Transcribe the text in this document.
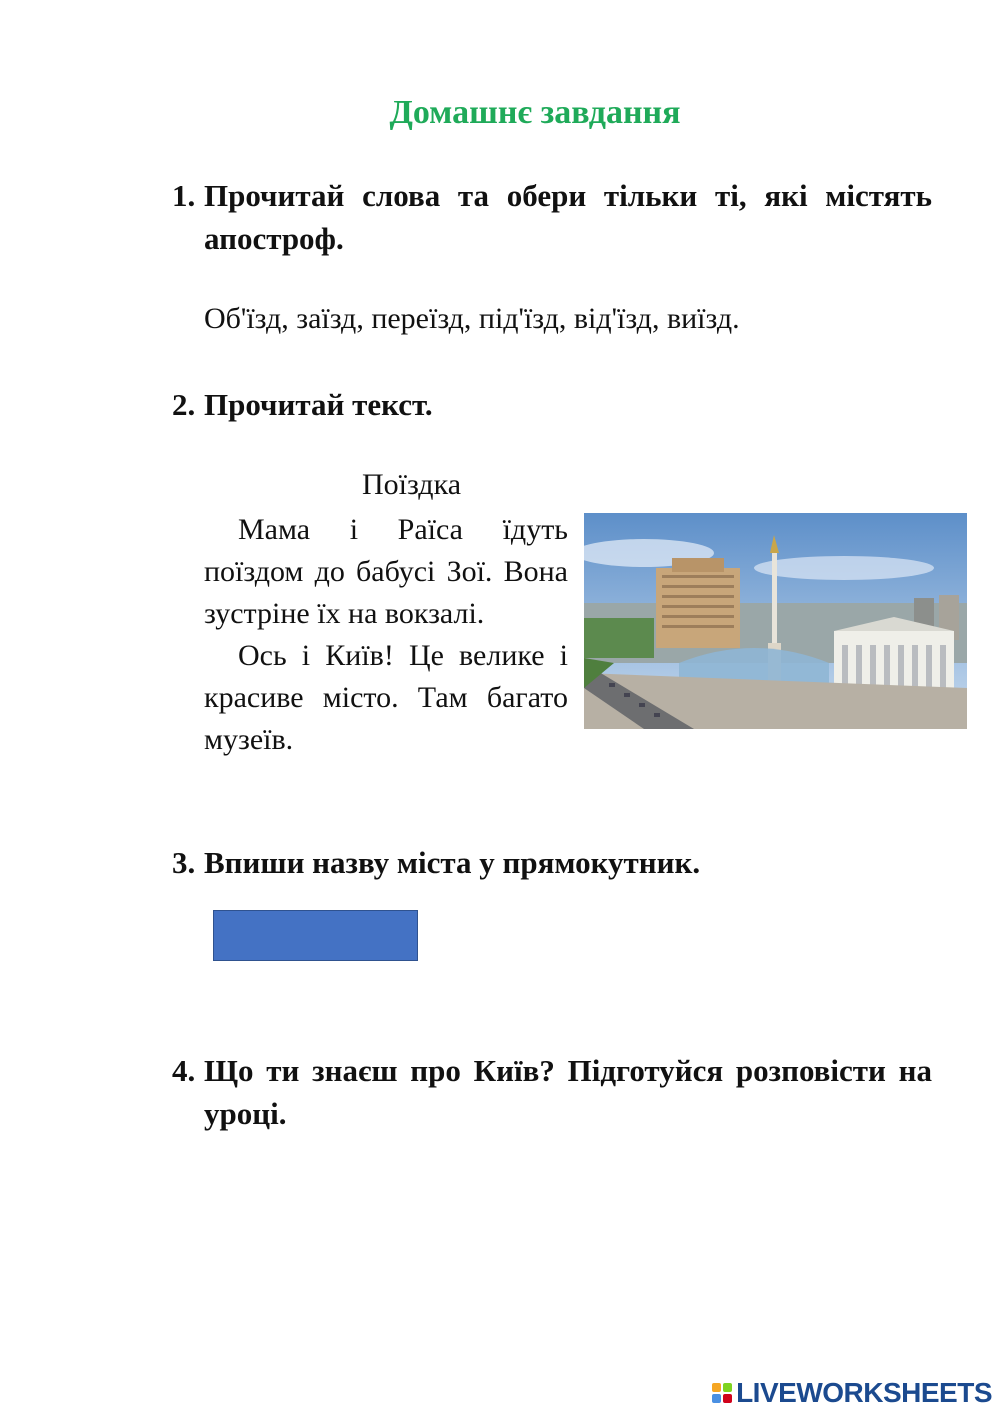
Домашнє завдання
1. Прочитай слова та обери тільки ті, які містять апостроф.
Об'їзд, заїзд, переїзд, під'їзд, від'їзд, виїзд.
2. Прочитай текст.
Поїздка

Мама і Раїса їдуть поїздом до бабусі Зої. Вона зустріне їх на вокзалі.

Ось і Київ! Це велике і красиве місто. Там багато музеїв.

3. Впиши назву міста у прямокутник.
4. Що ти знаєш про Київ? Підготуйся розповісти на уроці.
LIVEWORKSHEETS
